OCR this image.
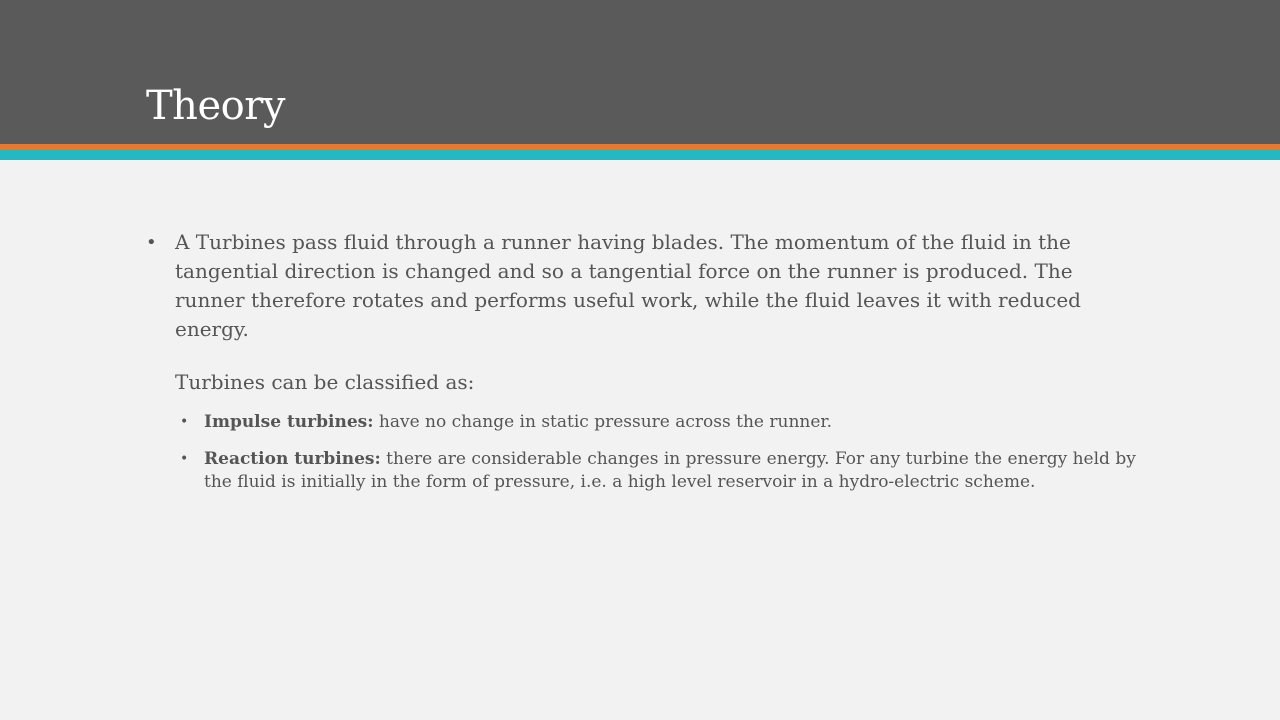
Theory

• A Turbines pass fluid through a runner having blades. The momentum of the fluid in the tangential direction is changed and so a tangential force on the runner is produced. The runner therefore rotates and performs useful work, while the fluid leaves it with reduced energy.

Turbines can be classified as:

• Impulse turbines: have no change in static pressure across the runner.
• Reaction turbines: there are considerable changes in pressure energy. For any turbine the energy held by the fluid is initially in the form of pressure, i.e. a high level reservoir in a hydro-electric scheme.
